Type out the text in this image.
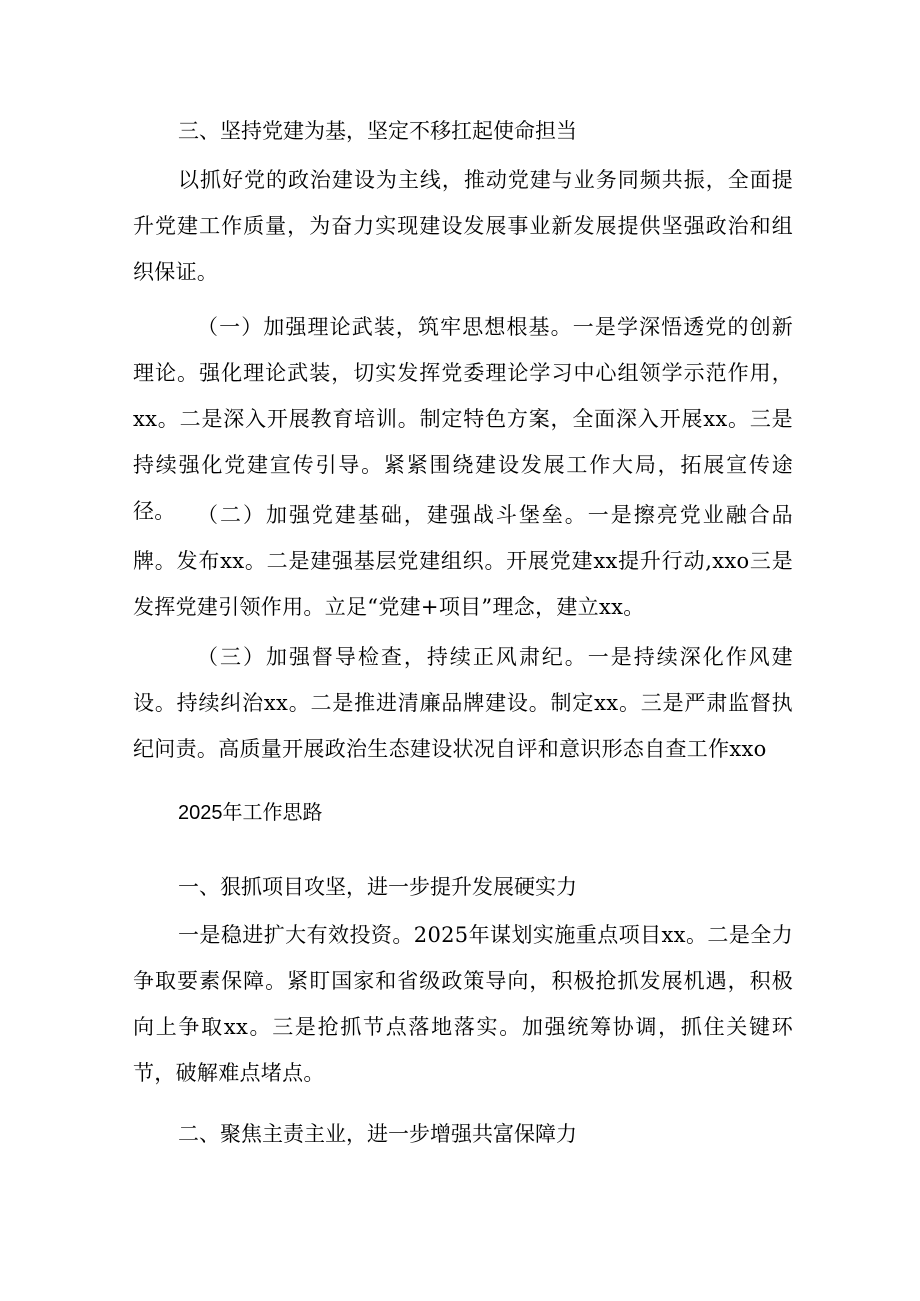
三、坚持党建为基，坚定不移扛起使命担当

以抓好党的政治建设为主线，推动党建与业务同频共振，全面提升党建工作质量，为奋力实现建设发展事业新发展提供坚强政治和组织保证。

（一）加强理论武装，筑牢思想根基。一是学深悟透党的创新理论。强化理论武装，切实发挥党委理论学习中心组领学示范作用，xx。二是深入开展教育培训。制定特色方案，全面深入开展xx。三是持续强化党建宣传引导。紧紧围绕建设发展工作大局，拓展宣传途径。	（二）加强党建基础，建强战斗堡垒。一是擦亮党业融合品牌。发布xx。二是建强基层党建组织。开展党建xx提升行动,xxo三是发挥党建引领作用。立足“党建+项目”理念，建立xx。

（三）加强督导检查，持续正风肃纪。一是持续深化作风建设。持续纠治xx。二是推进清廉品牌建设。制定xx。三是严肃监督执纪问责。高质量开展政治生态建设状况自评和意识形态自查工作xxo

2025年工作思路

一、狠抓项目攻坚，进一步提升发展硬实力

一是稳进扩大有效投资。2025年谋划实施重点项目xx。二是全力争取要素保障。紧盯国家和省级政策导向，积极抢抓发展机遇，积极向上争取xx。三是抢抓节点落地落实。加强统筹协调，抓住关键环节，破解难点堵点。

二、聚焦主责主业，进一步增强共富保障力
